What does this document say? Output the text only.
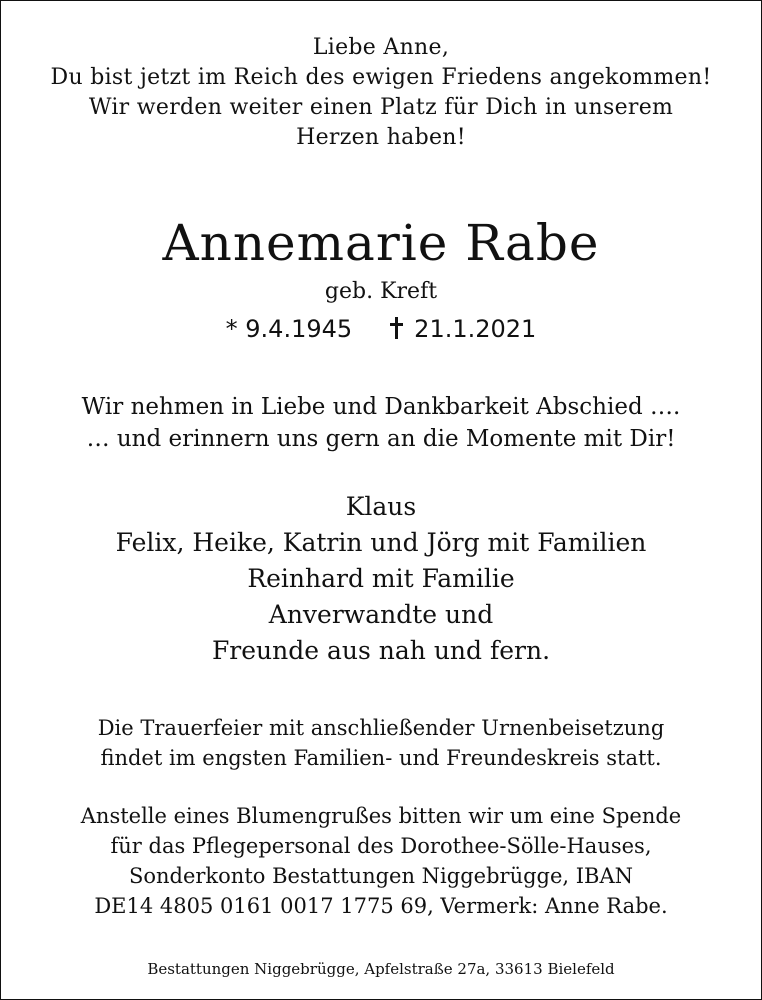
Liebe Anne,
Du bist jetzt im Reich des ewigen Friedens angekommen!
Wir werden weiter einen Platz für Dich in unserem
Herzen haben!
Annemarie Rabe
geb. Kreft
* 9.4.1945	21.1.2021
Wir nehmen in Liebe und Dankbarkeit Abschied ….
… und erinnern uns gern an die Momente mit Dir!
Klaus
Felix, Heike, Katrin und Jörg mit Familien
Reinhard mit Familie
Anverwandte und
Freunde aus nah und fern.
Die Trauerfeier mit anschließender Urnenbeisetzung
findet im engsten Familien- und Freundeskreis statt.
Anstelle eines Blumengrußes bitten wir um eine Spende
für das Pflegepersonal des Dorothee-Sölle-Hauses,
Sonderkonto Bestattungen Niggebrügge, IBAN
DE14 4805 0161 0017 1775 69, Vermerk: Anne Rabe.
Bestattungen Niggebrügge, Apfelstraße 27a, 33613 Bielefeld
